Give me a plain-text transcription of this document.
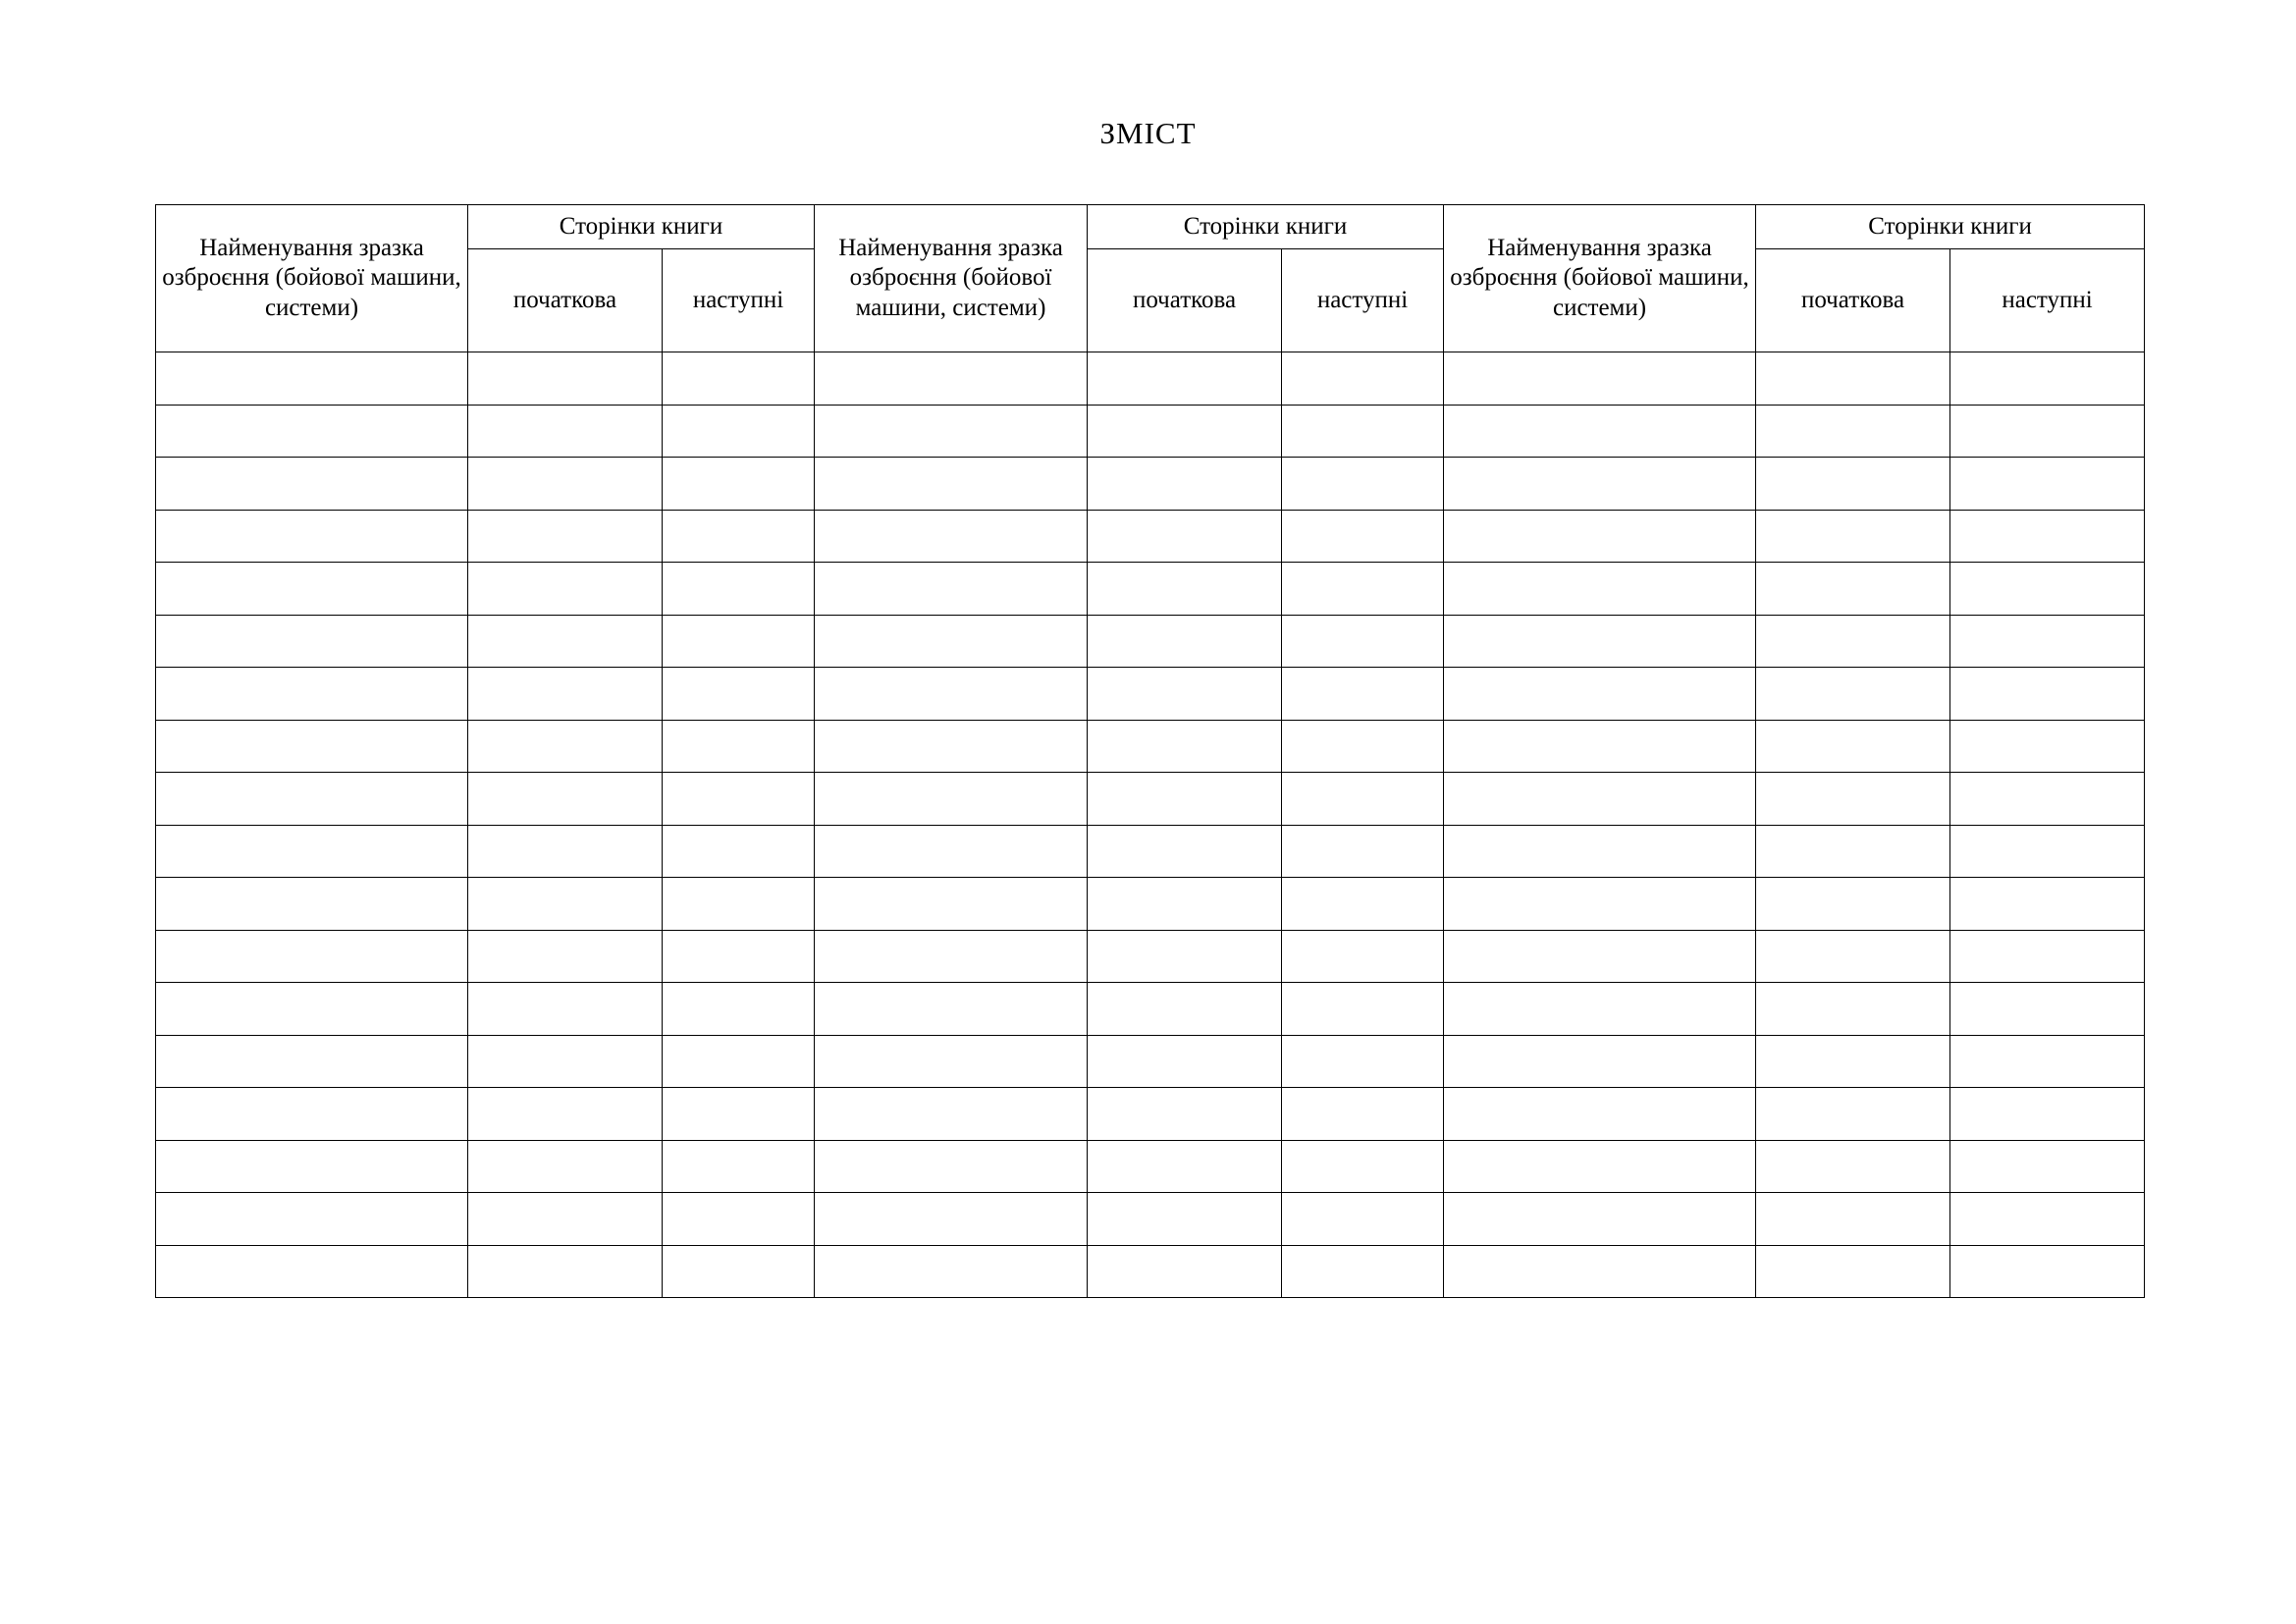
ЗМІСТ
Найменування зразка озброєння (бойової машини, системи)	Сторінки книги		Найменування зразка озброєння (бойової машини, системи)	Сторінки книги		Найменування зразка озброєння (бойової машини, системи)	Сторінки книги	
	початкова	наступні		початкова	наступні		початкова	наступні
